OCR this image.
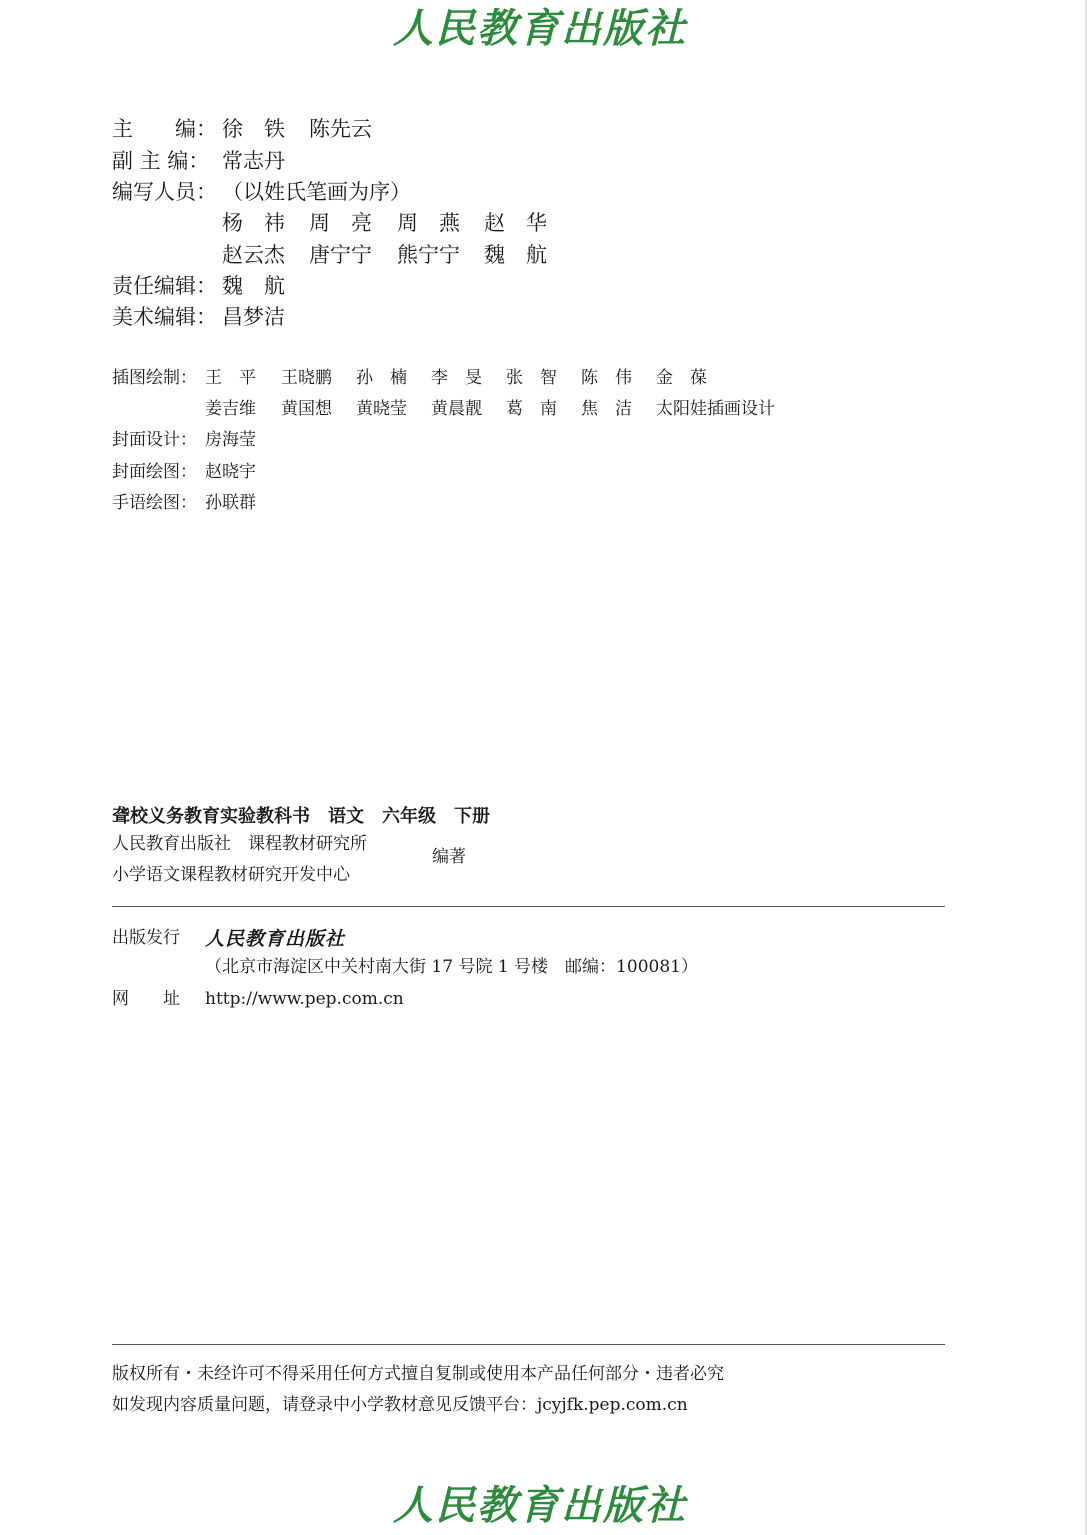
人民教育出版社
主　　编： 徐　铁 陈先云
副 主 编： 常志丹
编写人员： （以姓氏笔画为序）
杨　祎 周　亮 周　燕 赵　华
赵云杰 唐宁宁 熊宁宁 魏　航
责任编辑： 魏　航
美术编辑： 昌梦洁
插图绘制： 王　平 王晓鹏 孙　楠 李　旻 张　智 陈　伟 金　葆
姜吉维 黄国想 黄晓莹 黄晨靓 葛　南 焦　洁 太阳娃插画设计
封面设计： 房海莹
封面绘图： 赵晓宇
手语绘图： 孙联群
聋校义务教育实验教科书　语文　六年级　下册
人民教育出版社　课程教材研究所
小学语文课程教材研究开发中心
编著
出版发行 人民教育出版社
（北京市海淀区中关村南大街 17 号院 1 号楼　邮编：100081）
网　　址 http://www.pep.com.cn
版权所有・未经许可不得采用任何方式擅自复制或使用本产品任何部分・违者必究
如发现内容质量问题，请登录中小学教材意见反馈平台：jcyjfk.pep.com.cn
人民教育出版社
